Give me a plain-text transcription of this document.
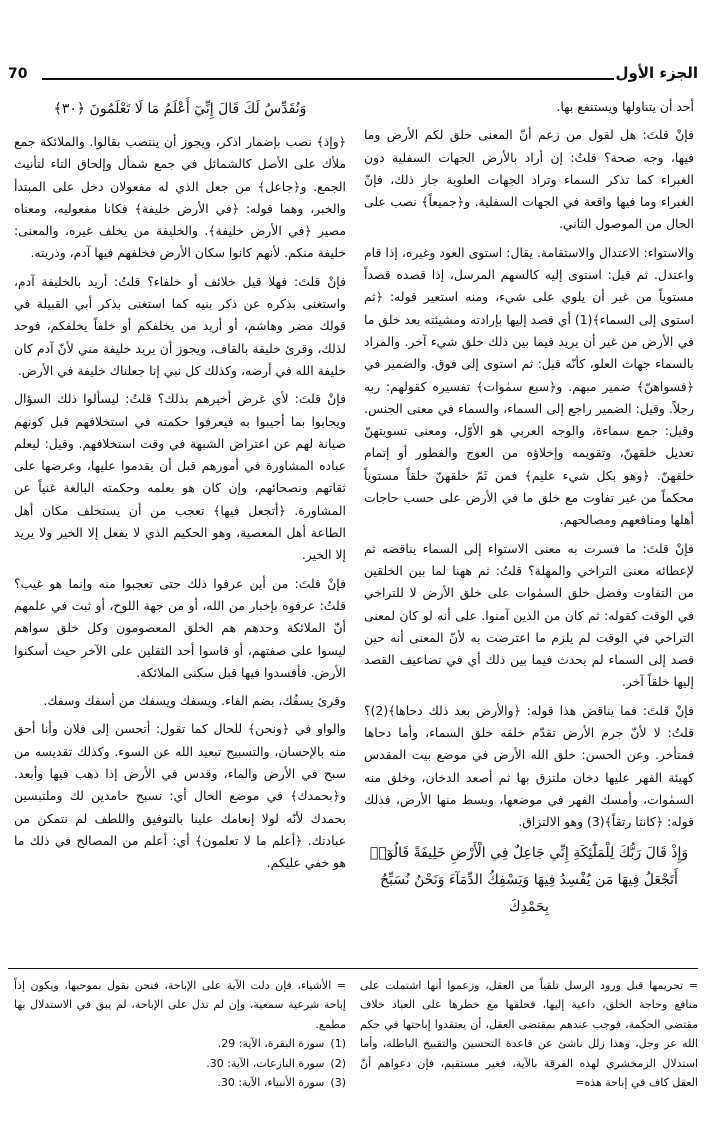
الجزء الأول
70

أحد أن يتناولها ويستنفع بها.

فإنْ قلتَ: هل لقول من زعم أنّ المعنى خلق لكم الأرض وما فيها، وجه صحة؟ قلتُ: إن أراد بالأرض الجهات السفلية دون الغبراء كما تذكر السماء وتراد الجهات العلوية جاز ذلك، فإنّ الغبراء وما فيها واقعة في الجهات السفلية. و﴿جميعاً﴾ نصب على الحال من الموصول الثاني.

والاستواء: الاعتدال والاستقامة. يقال: استوى العود وغيره، إذا قام واعتدل. ثم قيل: استوى إليه كالسهم المرسل، إذا قصده قصداً مستوياً من غير أن يلوي على شيء، ومنه استعير قوله: ﴿ثم استوى إلى السماء﴾(1) أي قصد إليها بإرادته ومشيئته بعد خلق ما في الأرض من غير أن يريد فيما بين ذلك خلق شيء آخر. والمراد بالسماء جهات العلو، كأنّه قيل: ثم استوى إلى فوق. والضمير في ﴿فسواهنّ﴾ ضمير مبهم. و﴿سبع سمٰوات﴾ تفسيره كقولهم: ربه رجلاً. وقيل: الضمير راجع إلى السماء، والسماء في معنى الجنس. وقيل: جمع سماءة، والوجه العربي هو الأوّل، ومعنى تسويتهنّ تعديل خلقهنّ، وتقويمه وإخلاؤه من العوج والفطور أو إتمام خلقهنّ. ﴿وهو بكل شيء عليم﴾ فمن ثَمّ خلقهنّ خلقاً مستوياً محكماً من غير تفاوت مع خلق ما في الأرض على حسب حاجات أهلها ومنافعهم ومصالحهم.

فإنْ قلتَ: ما فسرت به معنى الاستواء إلى السماء يناقضه ثم لإعطائه معنى التراخي والمهلة؟ قلتُ: ثم ههنا لما بين الخلقين من التفاوت وفضل خلق السمٰوات على خلق الأرض لا للتراخي في الوقت كقوله: ثم كان من الذين آمنوا. على أنه لو كان لمعنى التراخي في الوقت لم يلزم ما اعترضت به لأنّ المعنى أنه حين قصد إلى السماء لم يحدث فيما بين ذلك أي في تضاعيف القصد إليها خلقاً آخر.

فإنْ قلتَ: فما يناقض هذا قوله: ﴿والأرض بعد ذلك دحاها﴾(2)؟ قلتُ: لا لأنّ جرم الأرض تقدّم خلقه خلق السماء، وأما دحاها فمتأخر. وعن الحسن: خلق الله الأرض في موضع بيت المقدس كهيئة الفهر عليها دخان ملتزق بها ثم أصعد الدخان، وخلق منه السمٰوات، وأمسك الفهر في موضعها، وبسط منها الأرض، فذلك قوله: ﴿كانتا رتقاً﴾(3) وهو الالتزاق.

وَإِذْ قَالَ رَبُّكَ لِلْمَلَٰٓئِكَةِ إِنِّي جَاعِلٌ فِي الْأَرْضِ خَلِيفَةً قَالُوٓا۟ أَتَجْعَلُ فِيهَا مَن يُفْسِدُ فِيهَا وَيَسْفِكُ الدِّمَآءَ وَنَحْنُ نُسَبِّحُ بِحَمْدِكَ
وَنُقَدِّسُ لَكَ قَالَ إِنِّيٓ أَعْلَمُ مَا لَا تَعْلَمُونَ ﴿٣٠﴾

﴿وإذ﴾ نصب بإضمار اذكر، ويجوز أن ينتصب بقالوا. والملائكة جمع ملأك على الأصل كالشمائل في جمع شمأل وإلحاق التاء لتأنيث الجمع. و﴿جاعل﴾ من جعل الذي له مفعولان دخل على المبتدأ والخبر، وهما قوله: ﴿في الأرض خليفة﴾ فكانا مفعوليه، ومعناه مصير ﴿في الأرض خليفة﴾. والخليفة من يخلف غيره، والمعنى: خليفة منكم. لأنهم كانوا سكان الأرض فخلفهم فيها آدم، وذريته.

فإنْ قلتَ: فهلا قيل خلائف أو خلفاء؟ قلتُ: أريد بالخليفة آدم، واستغنى بذكره عن ذكر بنيه كما استغنى بذكر أبي القبيلة في قولك مضر وهاشم، أو أريد من يخلفكم أو خلفاً يخلفكم، فوحد لذلك، وقرئ خليقة بالقاف، ويجوز أن يريد خليفة مني لأنّ آدم كان خليفة الله في أرضه، وكذلك كل نبي إنا جعلناك خليفة في الأرض.

فإنْ قلتَ: لأي غرض أخبرهم بذلك؟ قلتُ: ليسألوا ذلك السؤال ويجابوا بما أجيبوا به فيعرفوا حكمته في استخلافهم قبل كونهم صيانة لهم عن اعتراض الشبهة في وقت استخلافهم. وقيل: ليعلم عباده المشاورة في أمورهم قبل أن يقدموا عليها، وعرضها على ثقاتهم ونصحائهم، وإن كان هو بعلمه وحكمته البالغة غنياً عن المشاورة. ﴿أتجعل فيها﴾ تعجب من أن يستخلف مكان أهل الطاعة أهل المعصية، وهو الحكيم الذي لا يفعل إلا الخير ولا يريد إلا الخير.

فإنْ قلتَ: من أين عرفوا ذلك حتى تعجبوا منه وإنما هو غيب؟ قلتُ: عرفوه بإخبار من الله، أو من جهة اللوح، أو ثبت في علمهم أنّ الملائكة وحدهم هم الخلق المعصومون وكل خلق سواهم ليسوا على صفتهم، أو قاسوا أحد الثقلين على الآخر حيث أسكنوا الأرض. فأفسدوا فيها قبل سكنى الملائكة.

وقرئ يسفُك، بضم الفاء. ويسفك ويسفك من أسفك وسفك.

والواو في ﴿ونحن﴾ للحال كما تقول: أتحسن إلى فلان وأنا أحق منه بالإحسان، والتسبيح تبعيد الله عن السوء. وكذلك تقديسه من سبح في الأرض والماء، وقدس في الأرض إذا ذهب فيها وأبعد. و﴿بحمدك﴾ في موضع الحال أي: نسبح حامدين لك وملتبسين بحمدك لأنّه لولا إنعامك علينا بالتوفيق واللطف لم نتمكن من عبادتك. ﴿أعلم ما لا تعلمون﴾ أي: أعلم من المصالح في ذلك ما هو خفي عليكم.

= تحريمها قبل ورود الرسل تلقياً من العقل، وزعموا أنها اشتملت على منافع وحاجة الخلق، داعية إليها، فحلقها مع خطرها على العباد خلاف مقتضى الحكمة، فوجب عندهم بمقتضى العقل، أن يعتقدوا إباحتها في حكم الله عز وجل، وهذا زلل ناشئ عن قاعدة التحسين والتقبيح الباطلة، وأما استدلال الزمخشري لهذه الفرقة بالآية، فغير مستقيم، فإن دعواهم أنّ العقل كاف في إباحة هذه=

= الأشياء، فإن دلت الآية على الإباحة، فنحن نقول بموجبها، ويكون إذاً إباحة شرعية سمعية، وإن لم تدل على الإباحة، لم يبق في الاستدلال بها مطمع.

(1)
سورة البقرة، الآية: 29.
(2)
سورة النازعات، الآية: 30.
(3)
سورة الأنبياء، الآية: 30.
